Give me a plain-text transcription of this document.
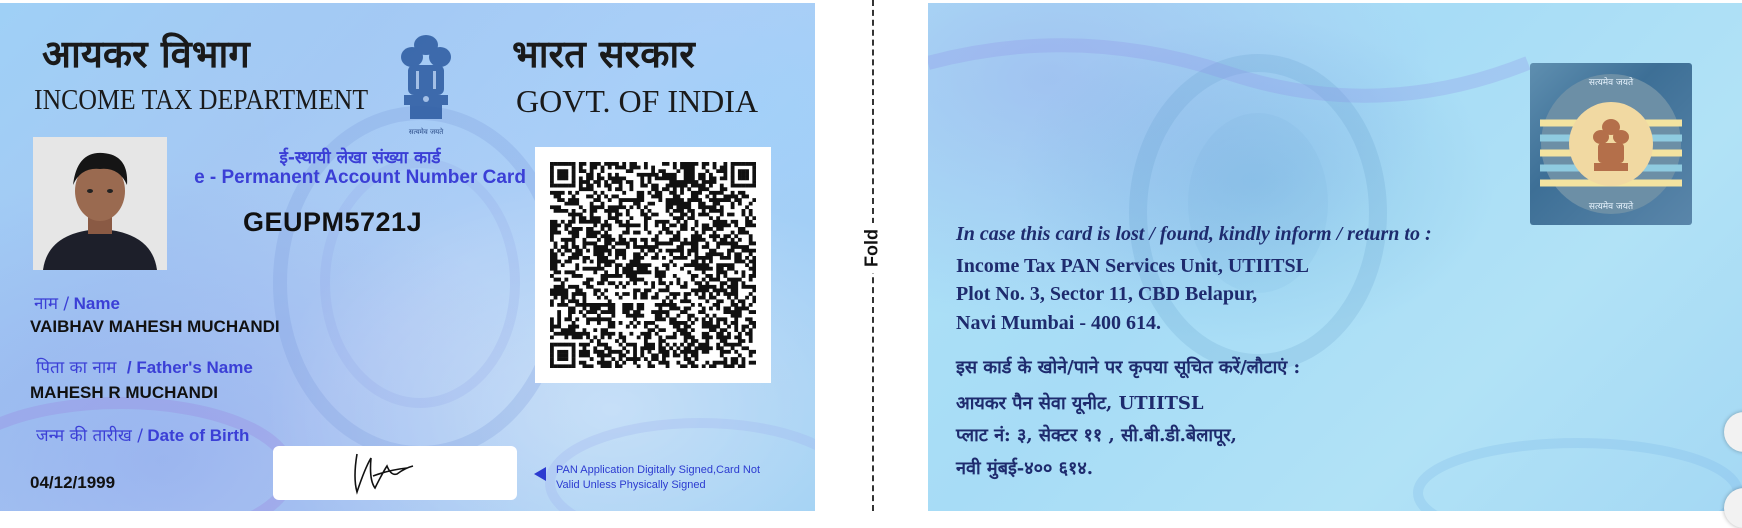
आयकर विभाग
INCOME TAX DEPARTMENT
सत्यमेव जयते
भारत सरकार
GOVT. OF INDIA
ई-स्थायी लेखा संख्या कार्ड
e - Permanent Account Number Card
GEUPM5721J
नाम / Name
VAIBHAV MAHESH MUCHANDI
पिता का नाम / Father's Name
MAHESH R MUCHANDI
जन्म की तारीख / Date of Birth
04/12/1999
PAN Application Digitally Signed,Card Not
Valid Unless Physically Signed
Fold
सत्यमेव जयते
सत्यमेव जयते
In case this card is lost / found, kindly inform / return to :
Income Tax PAN Services Unit, UTIITSL
Plot No. 3, Sector 11, CBD Belapur,
Navi Mumbai - 400 614.
इस कार्ड के खोने/पाने पर कृपया सूचित करें/लौटाएं :
आयकर पैन सेवा यूनीट, UTIITSL
प्लाट नं: ३, सेक्टर ११ , सी.बी.डी.बेलापूर,
नवी मुंबई-४०० ६१४.
